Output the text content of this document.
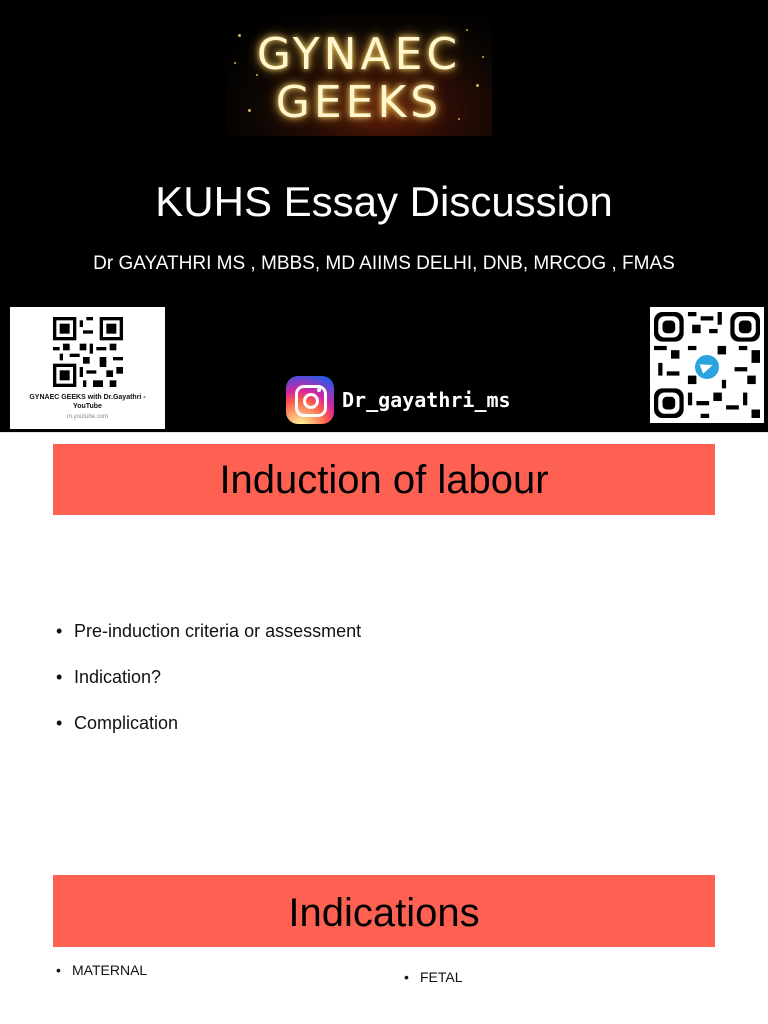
GYNAEC
GEEKS
KUHS Essay Discussion
Dr GAYATHRI MS , MBBS, MD AIIMS DELHI, DNB, MRCOG , FMAS
GYNAEC GEEKS with Dr.Gayathri - YouTube
m.youtube.com
Dr_gayathri_ms
Induction of labour
• Pre-induction criteria or assessment
• Indication?
• Complication
Indications
• MATERNAL
•	FETAL
